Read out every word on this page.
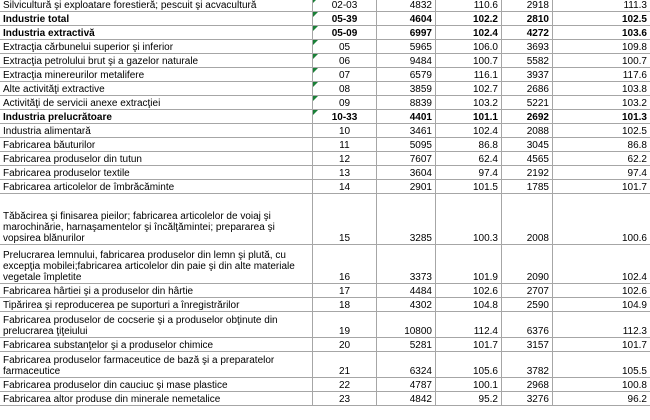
Silvicultură şi exploatare forestieră; pescuit şi acvacultură	02-03	4832	110.6	2918	111.3
Industrie total	05-39	4604	102.2	2810	102.5
Industria extractivă	05-09	6997	102.4	4272	103.6
Extracţia cărbunelui superior şi inferior	05	5965	106.0	3693	109.8
Extracţia petrolului brut şi a gazelor naturale	06	9484	100.7	5582	100.7
Extracţia minereurilor metalifere	07	6579	116.1	3937	117.6
Alte activităţi extractive	08	3859	102.7	2686	103.8
Activităţi de servicii anexe extracţiei	09	8839	103.2	5221	103.2
Industria prelucrătoare	10-33	4401	101.1	2692	101.3
Industria alimentară	10	3461	102.4	2088	102.5
Fabricarea băuturilor	11	5095	86.8	3045	86.8
Fabricarea produselor din tutun	12	7607	62.4	4565	62.2
Fabricarea produselor textile	13	3604	97.4	2192	97.4
Fabricarea articolelor de îmbrăcăminte	14	2901	101.5	1785	101.7
Tăbăcirea şi finisarea pieilor; fabricarea articolelor de voiaj şi marochinărie, harnaşamentelor şi încălţămintei; prepararea şi vopsirea blănurilor	15	3285	100.3	2008	100.6
Prelucrarea lemnului, fabricarea produselor din lemn şi plută, cu excepţia mobilei;fabricarea articolelor din paie şi din alte materiale vegetale împletite	16	3373	101.9	2090	102.4
Fabricarea hârtiei şi a produselor din hârtie	17	4484	102.6	2707	102.6
Tipărirea şi reproducerea pe suporturi a înregistrărilor	18	4302	104.8	2590	104.9
Fabricarea produselor de cocserie şi a produselor obţinute din prelucrarea ţiţeiului	19	10800	112.4	6376	112.3
Fabricarea substanţelor şi a produselor chimice	20	5281	101.7	3157	101.7
Fabricarea produselor farmaceutice de bază şi a preparatelor farmaceutice	21	6324	105.6	3782	105.5
Fabricarea produselor din cauciuc şi mase plastice	22	4787	100.1	2968	100.8
Fabricarea altor produse din minerale nemetalice	23	4842	95.2	3276	96.2
